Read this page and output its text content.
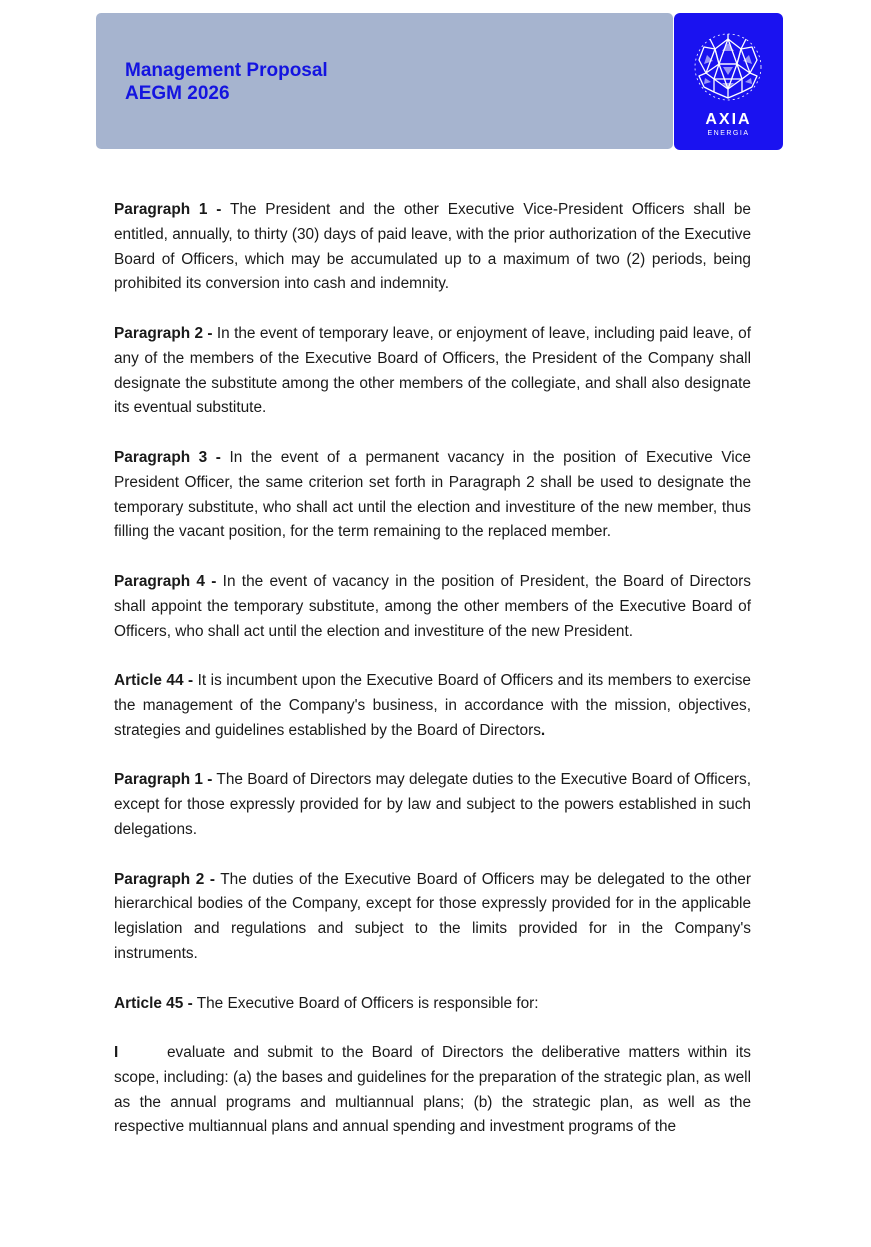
Management Proposal
AEGM 2026
AXIA
ENERGIA

Paragraph 1 - The President and the other Executive Vice-President Officers shall be entitled, annually, to thirty (30) days of paid leave, with the prior authorization of the Executive Board of Officers, which may be accumulated up to a maximum of two (2) periods, being prohibited its conversion into cash and indemnity.

Paragraph 2 - In the event of temporary leave, or enjoyment of leave, including paid leave, of any of the members of the Executive Board of Officers, the President of the Company shall designate the substitute among the other members of the collegiate, and shall also designate its eventual substitute.

Paragraph 3 - In the event of a permanent vacancy in the position of Executive Vice President Officer, the same criterion set forth in Paragraph 2 shall be used to designate the temporary substitute, who shall act until the election and investiture of the new member, thus filling the vacant position, for the term remaining to the replaced member.

Paragraph 4 - In the event of vacancy in the position of President, the Board of Directors shall appoint the temporary substitute, among the other members of the Executive Board of Officers, who shall act until the election and investiture of the new President.

Article 44 - It is incumbent upon the Executive Board of Officers and its members to exercise the management of the Company's business, in accordance with the mission, objectives, strategies and guidelines established by the Board of Directors.

Paragraph 1 - The Board of Directors may delegate duties to the Executive Board of Officers, except for those expressly provided for by law and subject to the powers established in such delegations.

Paragraph 2 - The duties of the Executive Board of Officers may be delegated to the other hierarchical bodies of the Company, except for those expressly provided for in the applicable legislation and regulations and subject to the limits provided for in the Company's instruments.

Article 45 - The Executive Board of Officers is responsible for:

I	evaluate and submit to the Board of Directors the deliberative matters within its scope, including: (a) the bases and guidelines for the preparation of the strategic plan, as well as the annual programs and multiannual plans; (b) the strategic plan, as well as the respective multiannual plans and annual spending and investment programs of the
